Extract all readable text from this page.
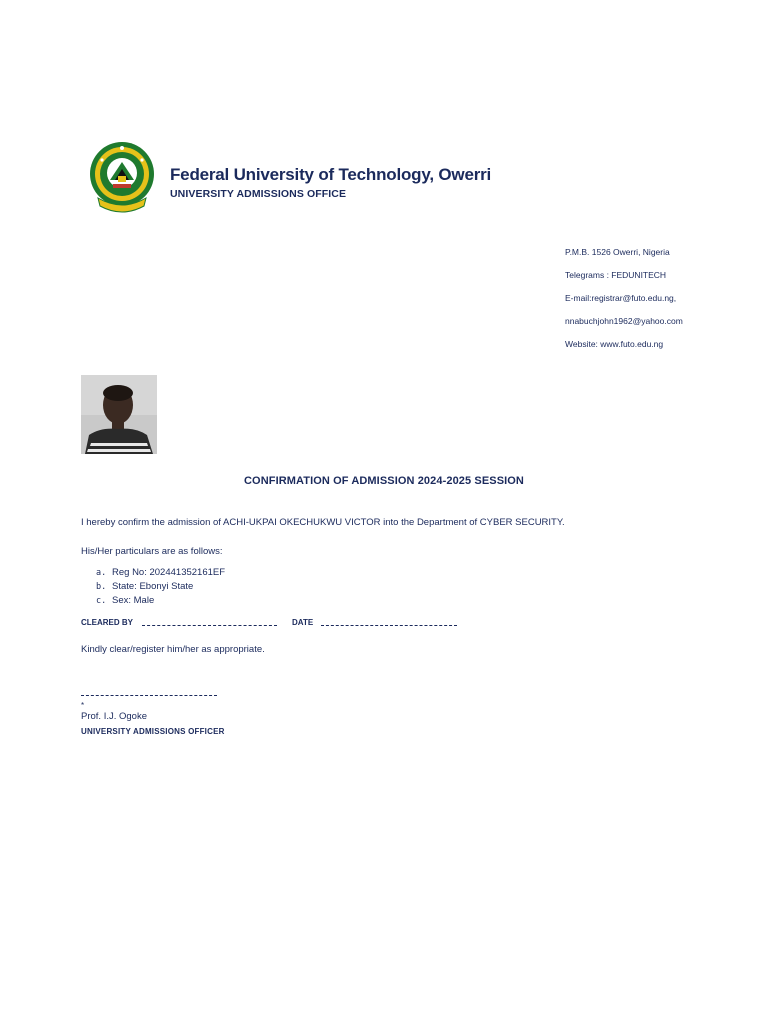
Federal University of Technology, Owerri
UNIVERSITY ADMISSIONS OFFICE
P.M.B. 1526 Owerri, Nigeria
Telegrams : FEDUNITECH
E-mail:registrar@futo.edu.ng,
nnabuchjohn1962@yahoo.com
Website: www.futo.edu.ng
CONFIRMATION OF ADMISSION 2024-2025 SESSION
I hereby confirm the admission of ACHI-UKPAI OKECHUKWU VICTOR into the Department of CYBER SECURITY.
His/Her particulars are as follows:
a. Reg No: 202441352161EF
b. State: Ebonyi State
c. Sex: Male
CLEARED BY	DATE
Kindly clear/register him/her as appropriate.
*
Prof. I.J. Ogoke
UNIVERSITY ADMISSIONS OFFICER
